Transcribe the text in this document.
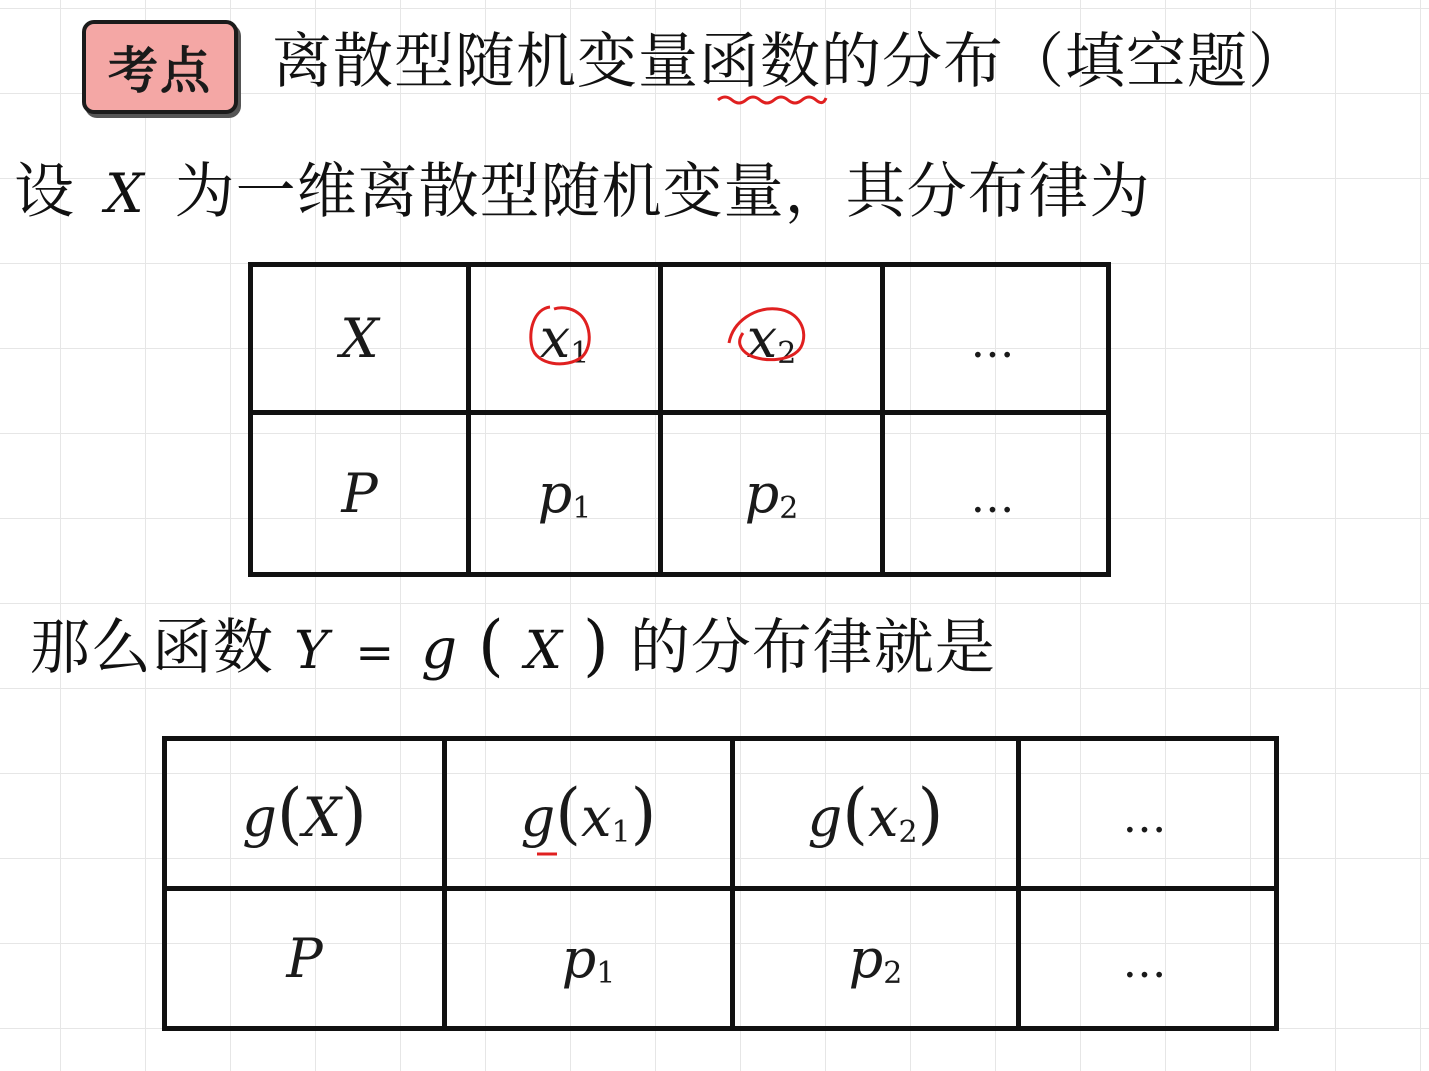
考点	离散型随机变量函数的分布（填空题）
设 X 为一维离散型随机变量，其分布律为
X	$x_1$	$x_2$	…
P	$p_1$	$p_2$	…
那么函数 Y = g ( X ) 的分布律就是
g(X)	$g(x_1)$	$g(x_2)$	…
P	$p_1$	$p_2$	…
